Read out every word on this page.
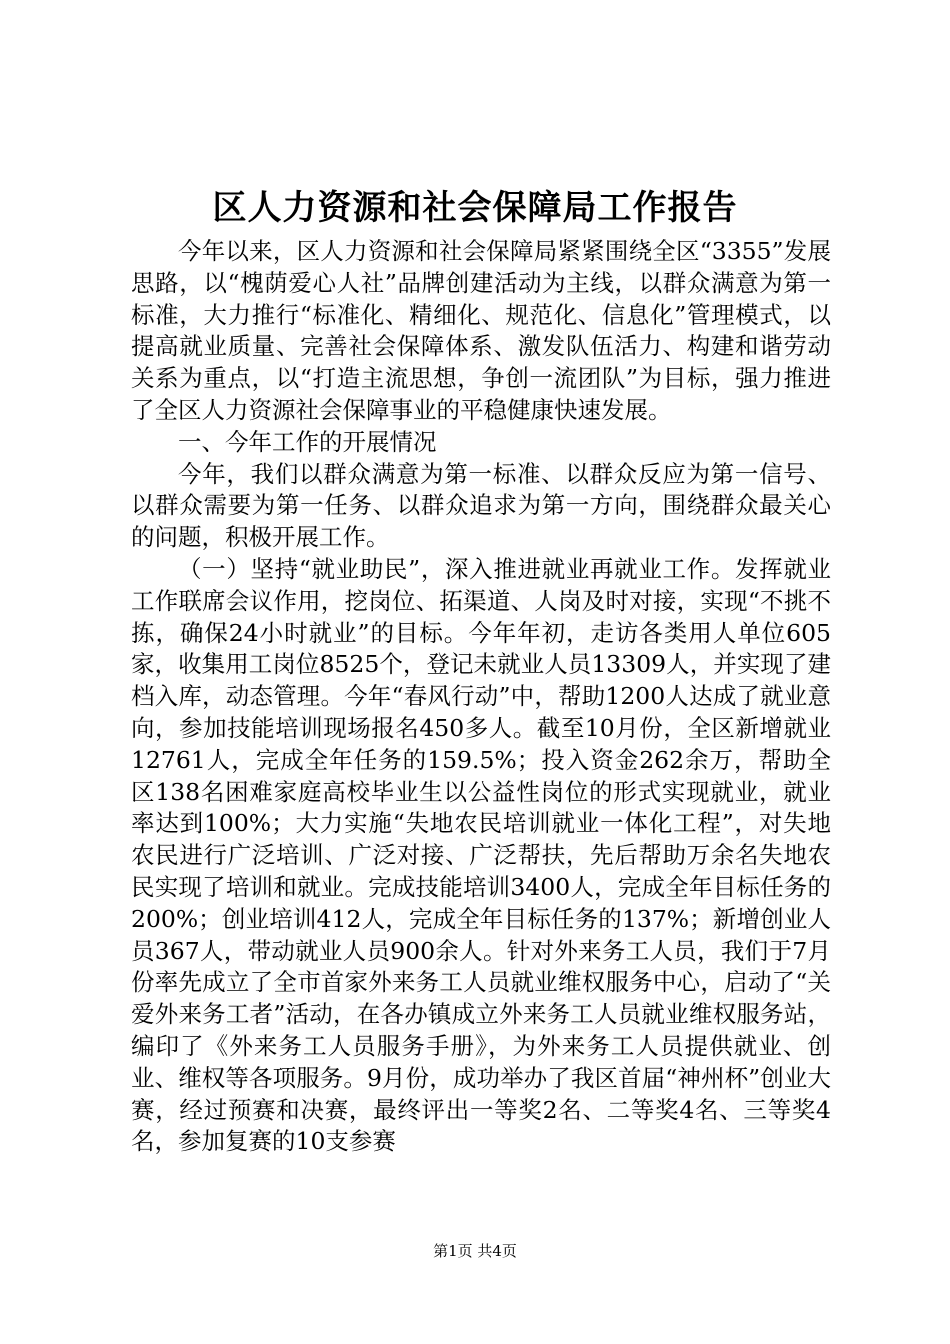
区人力资源和社会保障局工作报告

今年以来，区人力资源和社会保障局紧紧围绕全区“3355”发展思路，以“槐荫爱心人社”品牌创建活动为主线，以群众满意为第一标准，大力推行“标准化、精细化、规范化、信息化”管理模式，以提高就业质量、完善社会保障体系、激发队伍活力、构建和谐劳动关系为重点，以“打造主流思想，争创一流团队”为目标，强力推进了全区人力资源社会保障事业的平稳健康快速发展。

一、今年工作的开展情况

今年，我们以群众满意为第一标准、以群众反应为第一信号、以群众需要为第一任务、以群众追求为第一方向，围绕群众最关心的问题，积极开展工作。

（一）坚持“就业助民”，深入推进就业再就业工作。发挥就业工作联席会议作用，挖岗位、拓渠道、人岗及时对接，实现“不挑不拣，确保24小时就业”的目标。今年年初，走访各类用人单位605家，收集用工岗位8525个，登记未就业人员13309人，并实现了建档入库，动态管理。今年“春风行动”中，帮助1200人达成了就业意向，参加技能培训现场报名450多人。截至10月份，全区新增就业12761人，完成全年任务的159.5%；投入资金262余万，帮助全区138名困难家庭高校毕业生以公益性岗位的形式实现就业，就业率达到100%；大力实施“失地农民培训就业一体化工程”，对失地农民进行广泛培训、广泛对接、广泛帮扶，先后帮助万余名失地农民实现了培训和就业。完成技能培训3400人，完成全年目标任务的200%；创业培训412人，完成全年目标任务的137%；新增创业人员367人，带动就业人员900余人。针对外来务工人员，我们于7月份率先成立了全市首家外来务工人员就业维权服务中心，启动了“关爱外来务工者”活动，在各办镇成立外来务工人员就业维权服务站，编印了《外来务工人员服务手册》，为外来务工人员提供就业、创业、维权等各项服务。9月份，成功举办了我区首届“神州杯”创业大赛，经过预赛和决赛，最终评出一等奖2名、二等奖4名、三等奖4名，参加复赛的10支参赛

第1页 共4页
